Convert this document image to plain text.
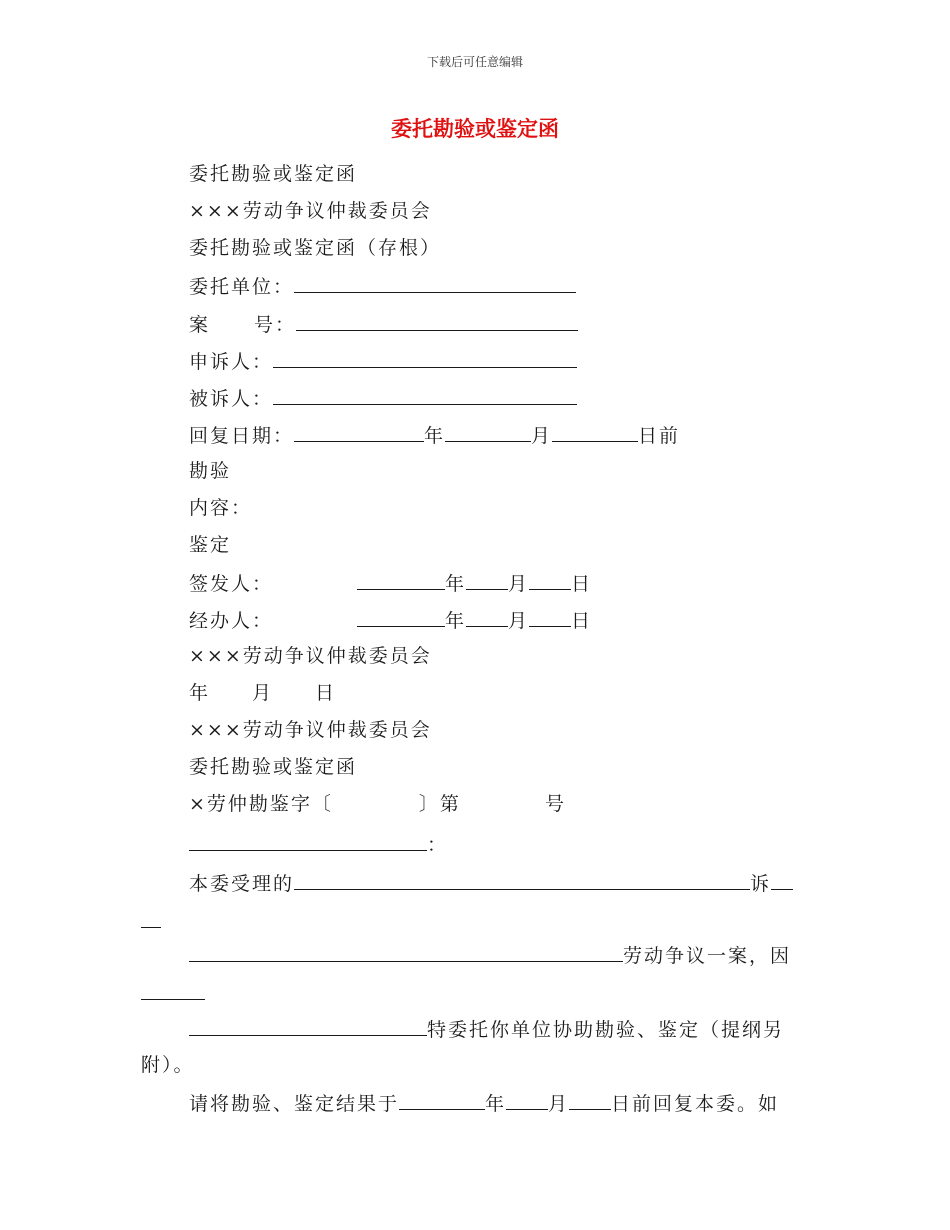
下载后可任意编辑
委托勘验或鉴定函
委托勘验或鉴定函
×××劳动争议仲裁委员会
委托勘验或鉴定函（存根）
委托单位：
案 号：
申诉人：
被诉人：
回复日期：	年	月	日前
勘验
内容：
鉴定
签发人：	年 月 日
经办人：	年 月 日
×××劳动争议仲裁委员会
年 月 日
×××劳动争议仲裁委员会
委托勘验或鉴定函
×劳仲勘鉴字〔	〕第	号
：
本委受理的	诉
劳动争议一案，因
特委托你单位协助勘验、鉴定（提纲另
附）。
请将勘验、鉴定结果于	年 月 日前回复本委。如
